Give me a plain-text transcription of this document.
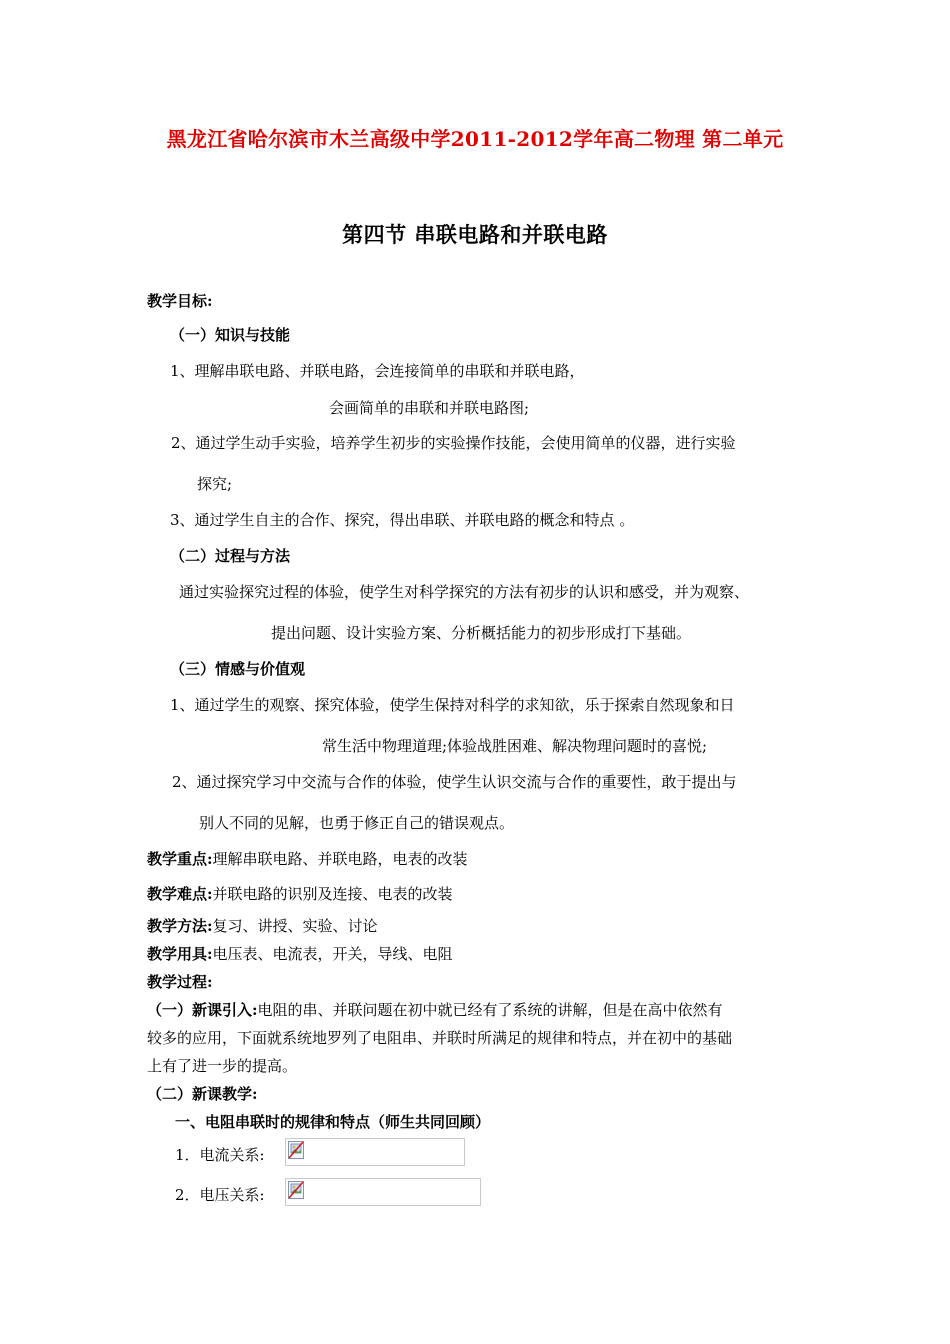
黑龙江省哈尔滨市木兰高级中学2011-2012学年高二物理 第二单元
第四节 串联电路和并联电路
教学目标:
（一）知识与技能
1、理解串联电路、并联电路，会连接简单的串联和并联电路，
会画简单的串联和并联电路图;
2、通过学生动手实验，培养学生初步的实验操作技能，会使用简单的仪器，进行实验
探究;
3、通过学生自主的合作、探究，得出串联、并联电路的概念和特点 。
（二）过程与方法
通过实验探究过程的体验，使学生对科学探究的方法有初步的认识和感受，并为观察、
提出问题、设计实验方案、分析概括能力的初步形成打下基础。
（三）情感与价值观
1、通过学生的观察、探究体验，使学生保持对科学的求知欲，乐于探索自然现象和日
常生活中物理道理;体验战胜困难、解决物理问题时的喜悦;
2、通过探究学习中交流与合作的体验，使学生认识交流与合作的重要性，敢于提出与
别人不同的见解，也勇于修正自己的错误观点。
教学重点:理解串联电路、并联电路，电表的改装
教学难点:并联电路的识别及连接、电表的改装
教学方法:复习、讲授、实验、讨论
教学用具:电压表、电流表，开关，导线、电阻
教学过程:
（一）新课引入:电阻的串、并联问题在初中就已经有了系统的讲解，但是在高中依然有
较多的应用，下面就系统地罗列了电阻串、并联时所满足的规律和特点，并在初中的基础
上有了进一步的提高。
（二）新课教学:
一、电阻串联时的规律和特点（师生共同回顾）
1．电流关系:
2．电压关系:
